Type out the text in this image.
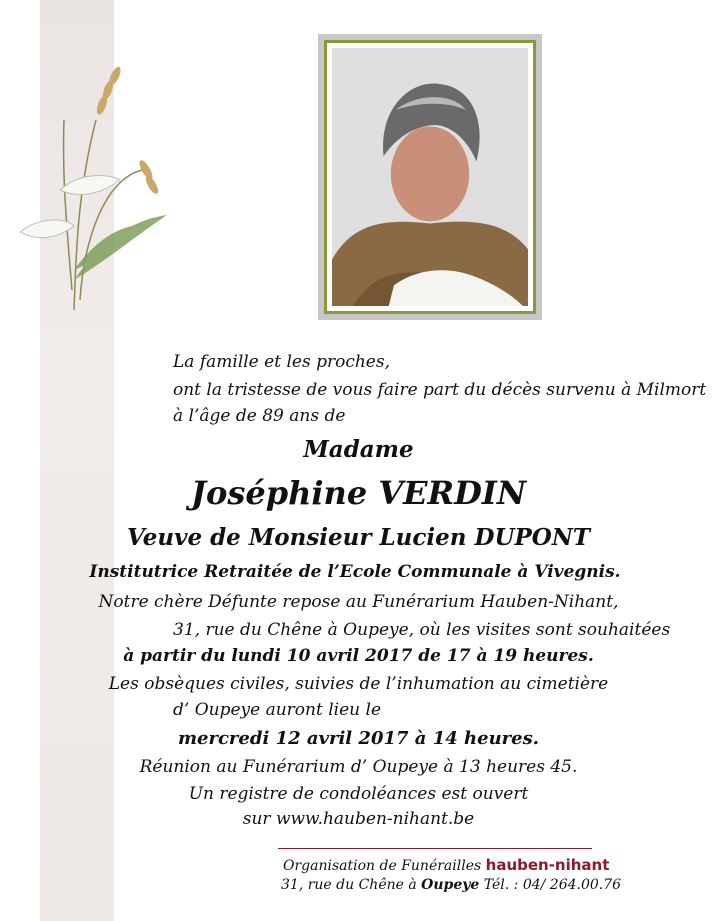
La famille et les proches,
ont la tristesse de vous faire part du décès survenu à Milmort
à l’âge de 89 ans de
Madame
Joséphine VERDIN
Veuve de Monsieur Lucien DUPONT
Institutrice Retraitée de l’Ecole Communale à Vivegnis.
Notre chère Défunte repose au Funérarium Hauben-Nihant,
31, rue du Chêne à Oupeye, où les visites sont souhaitées
à partir du lundi 10 avril 2017 de 17 à 19 heures.
Les obsèques civiles, suivies de l’inhumation au cimetière
d’ Oupeye auront lieu le
mercredi 12 avril 2017 à 14 heures.
Réunion au Funérarium d’ Oupeye à 13 heures 45.
Un registre de condoléances est ouvert
sur www.hauben-nihant.be
Organisation de Funérailles hauben-nihant
31, rue du Chêne à Oupeye Tél. : 04/ 264.00.76
